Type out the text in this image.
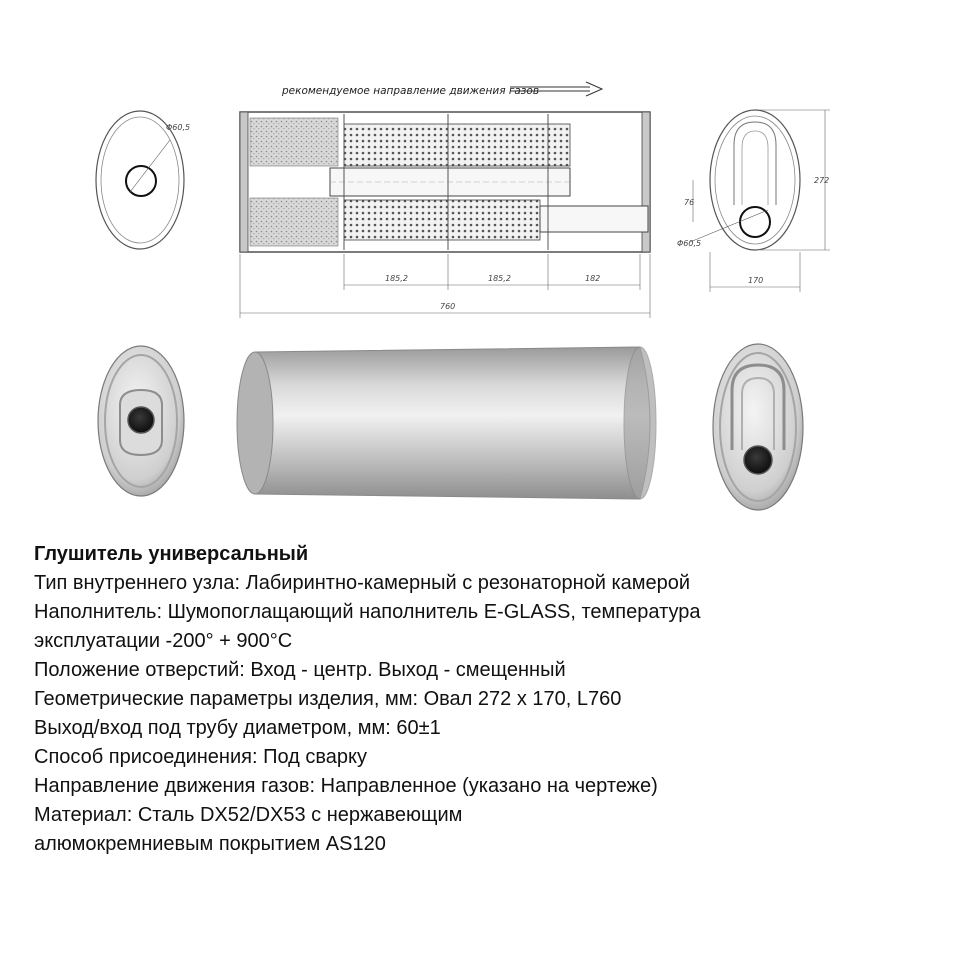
рекомендуемое направление движения газов
Φ60,5
185,2	185,2	182
760
Φ60,5
76
272
170

Глушитель универсальный

Тип внутреннего узла: Лабиринтно-камерный с резонаторной камерой

Наполнитель: Шумопоглащающий наполнитель E-GLASS, температура

эксплуатации -200° + 900°C

Положение отверстий: Вход - центр. Выход - смещенный

Геометрические параметры изделия, мм: Овал 272 x 170, L760

Выход/вход под трубу диаметром, мм: 60±1

Способ присоединения: Под сварку

Направление движения газов: Направленное (указано на чертеже)

Материал: Сталь DX52/DX53 с нержавеющим

алюмокремниевым покрытием AS120
